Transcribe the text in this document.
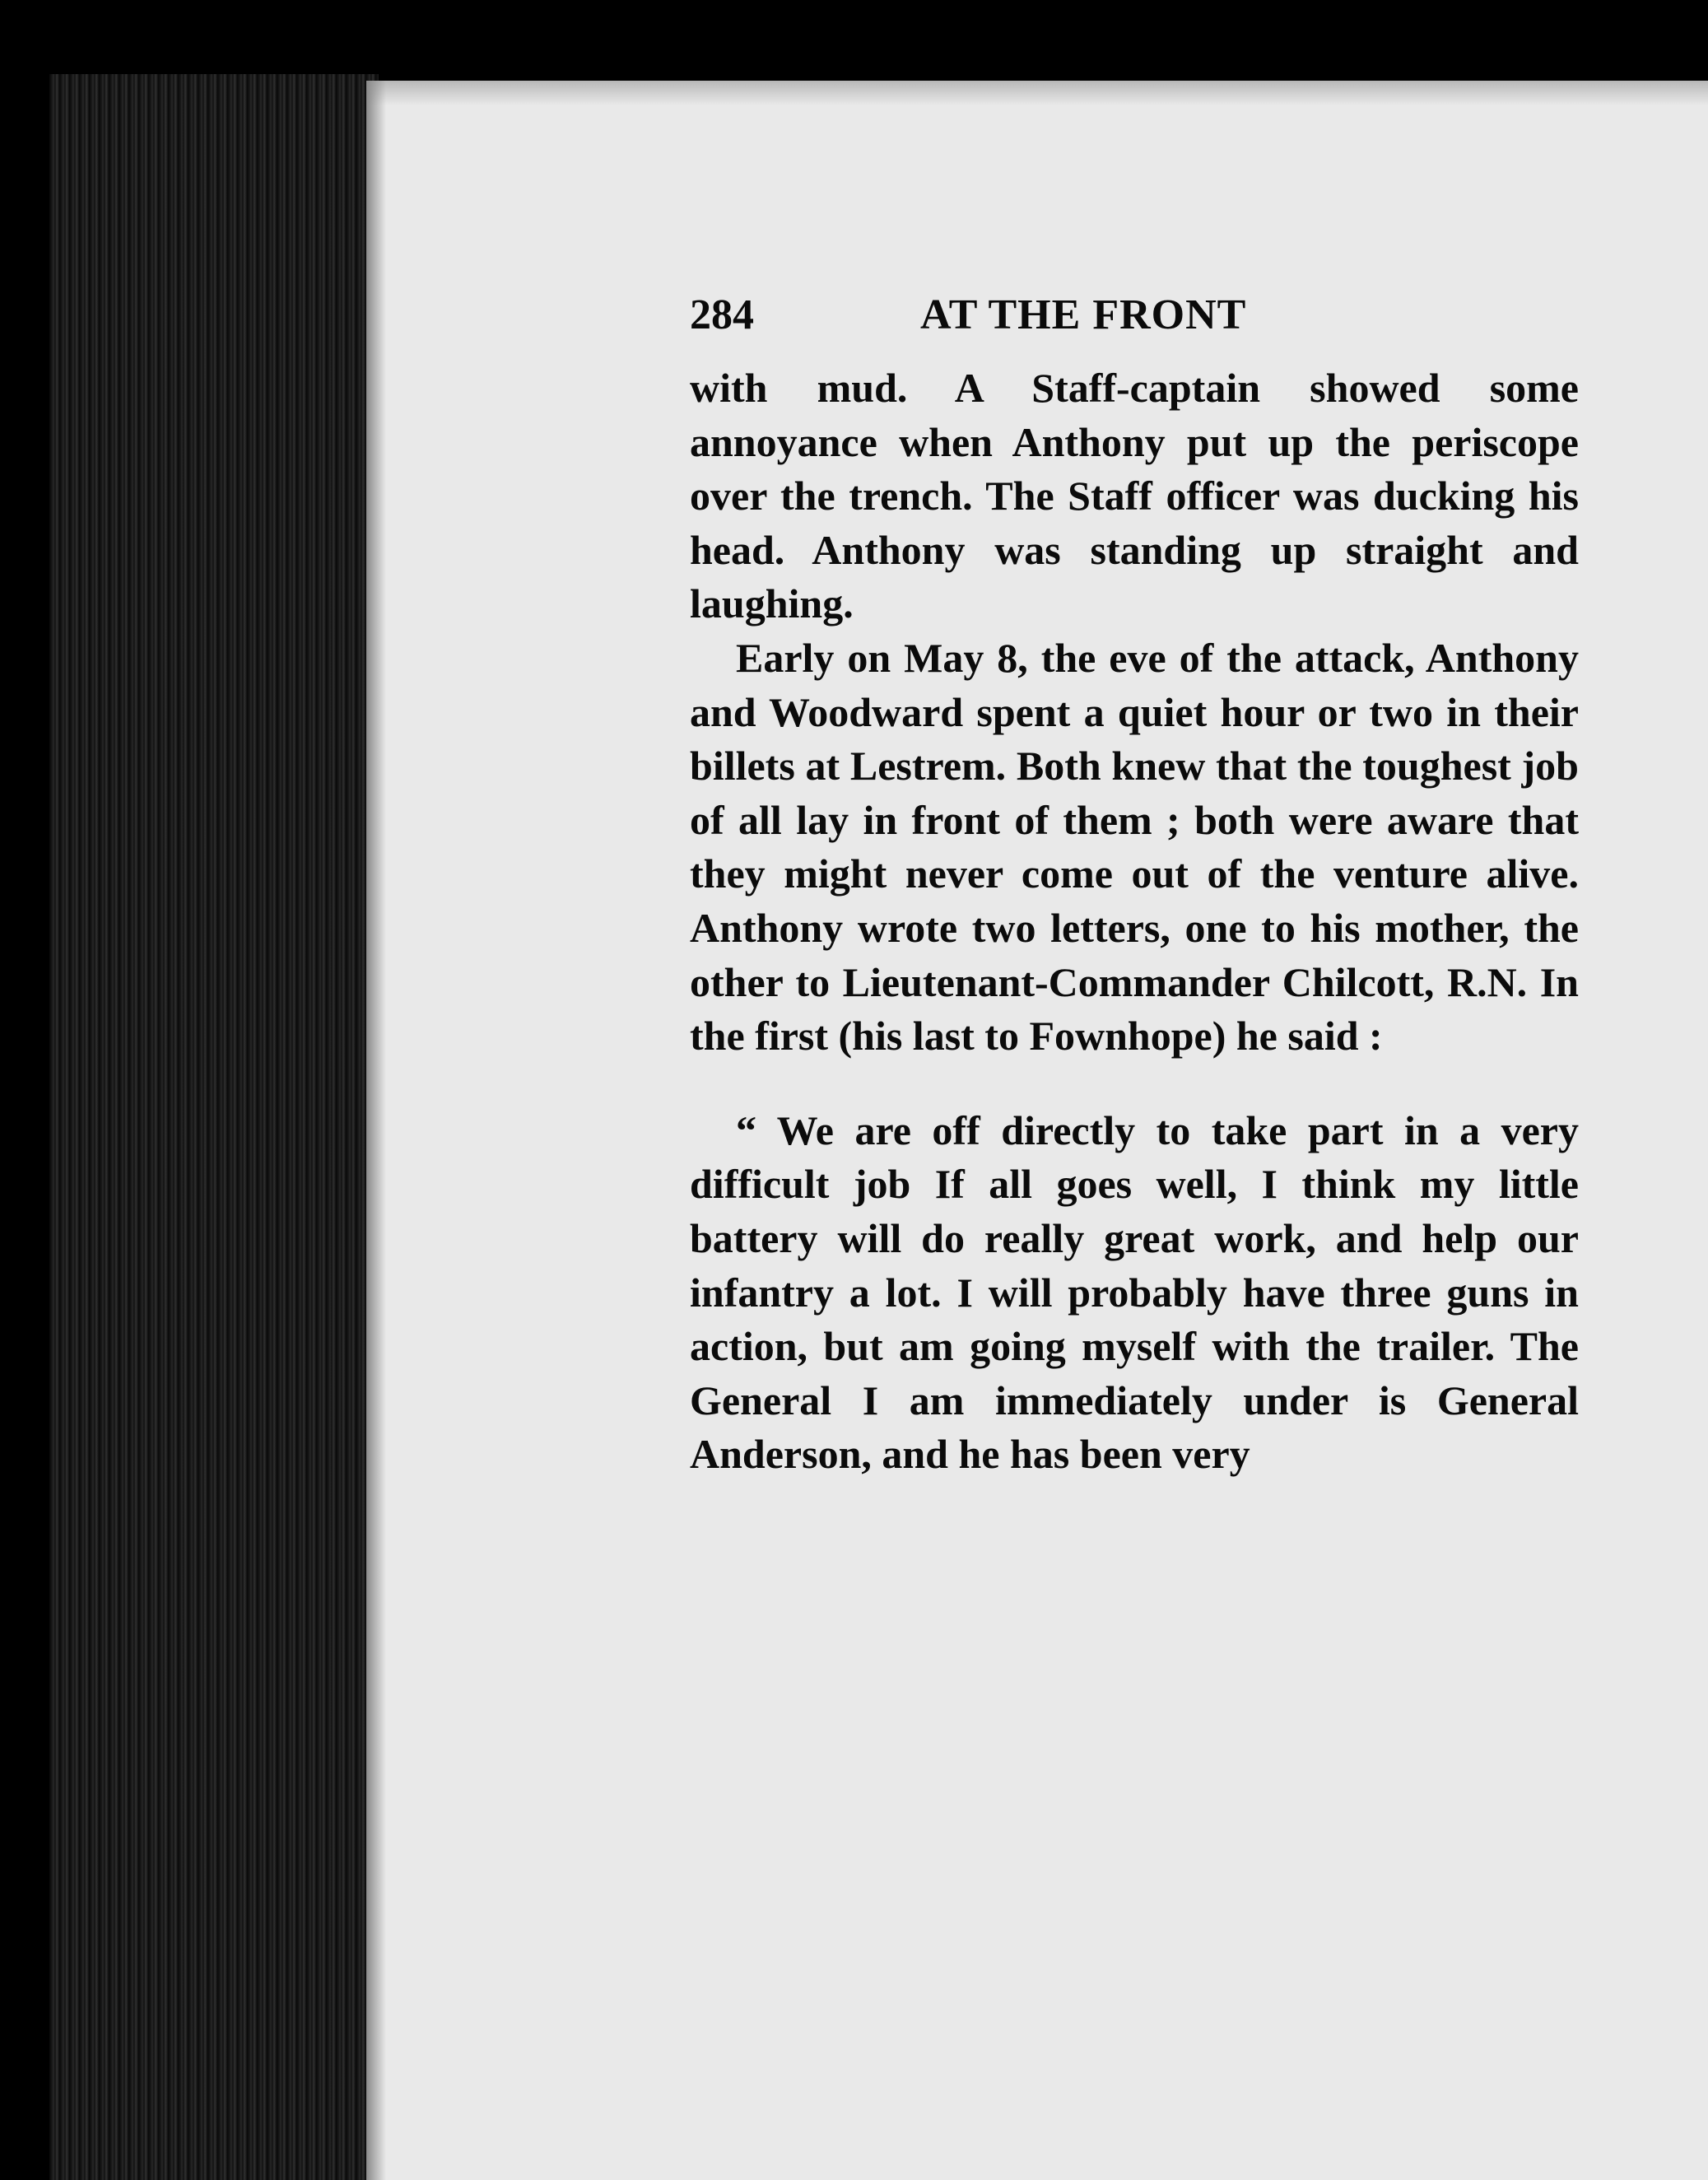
284	AT THE FRONT

with mud. A Staff-captain showed some annoyance when Anthony put up the periscope over the trench. The Staff officer was ducking his head. Anthony was standing up straight and laughing.

Early on May 8, the eve of the attack, Anthony and Woodward spent a quiet hour or two in their billets at Lestrem. Both knew that the toughest job of all lay in front of them ; both were aware that they might never come out of the venture alive. Anthony wrote two letters, one to his mother, the other to Lieutenant-Commander Chilcott, R.N. In the first (his last to Fownhope) he said :

“ We are off directly to take part in a very difficult job If all goes well, I think my little battery will do really great work, and help our infantry a lot. I will probably have three guns in action, but am going myself with the trailer. The General I am immediately under is General Anderson, and he has been very
